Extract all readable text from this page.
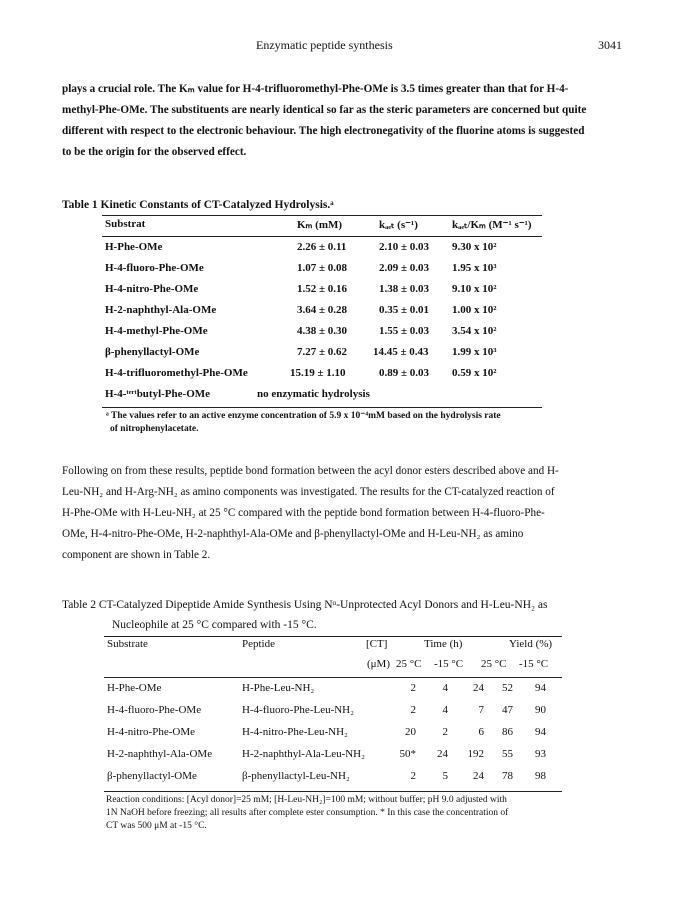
Enzymatic peptide synthesis	3041
plays a crucial role. The Kₘ value for H-4-trifluoromethyl-Phe-OMe is 3.5 times greater than that for H-4-
methyl-Phe-OMe. The substituents are nearly identical so far as the steric parameters are concerned but quite
different with respect to the electronic behaviour. The high electronegativity of the fluorine atoms is suggested
to be the origin for the observed effect.
Table 1 Kinetic Constants of CT-Catalyzed Hydrolysis.ᵃ
Substrat	Kₘ (mM)	kₐₑₜ (s⁻¹)	kₐₑₜ/Kₘ (M⁻¹ s⁻¹)
H-Phe-OMe	2.26 ± 0.11	2.10 ± 0.03 9.30 x 10²
H-4-fluoro-Phe-OMe	1.07 ± 0.08	2.09 ± 0.03 1.95 x 10³
H-4-nitro-Phe-OMe	1.52 ± 0.16	1.38 ± 0.03 9.10 x 10²
H-2-naphthyl-Ala-OMe	3.64 ± 0.28	0.35 ± 0.01 1.00 x 10²
H-4-methyl-Phe-OMe	4.38 ± 0.30	1.55 ± 0.03 3.54 x 10²
β-phenyllactyl-OMe	7.27 ± 0.62 14.45 ± 0.43 1.99 x 10³
H-4-trifluoromethyl-Phe-OMe	15.19 ± 1.10	0.89 ± 0.03 0.59 x 10²
H-4-ᵗᵉʳᵗbutyl-Phe-OMe	no enzymatic hydrolysis
ᵃ The values refer to an active enzyme concentration of 5.9 x 10⁻⁴mM based on the hydrolysis rate
of nitrophenylacetate.
Following on from these results, peptide bond formation between the acyl donor esters described above and H-
Leu-NH₂ and H-Arg-NH₂ as amino components was investigated. The results for the CT-catalyzed reaction of
H-Phe-OMe with H-Leu-NH₂ at 25 °C compared with the peptide bond formation between H-4-fluoro-Phe-
OMe, H-4-nitro-Phe-OMe, H-2-naphthyl-Ala-OMe and β-phenyllactyl-OMe and H-Leu-NH₂ as amino
component are shown in Table 2.
Table 2 CT-Catalyzed Dipeptide Amide Synthesis Using Nᵅ-Unprotected Acyl Donors and H-Leu-NH₂ as
Nucleophile at 25 °C compared with -15 °C.
Substrate	Peptide	[CT]	Time (h)	Yield (%)
(μM) 25 °C -15 °C 25 °C -15 °C
H-Phe-OMe	H-Phe-Leu-NH₂	2	4	24	52	94
H-4-fluoro-Phe-OMe	H-4-fluoro-Phe-Leu-NH₂	2	4	7	47	90
H-4-nitro-Phe-OMe	H-4-nitro-Phe-Leu-NH₂	20	2	6	86	94
H-2-naphthyl-Ala-OMe	H-2-naphthyl-Ala-Leu-NH₂	50*	24	192	55	93
β-phenyllactyl-OMe	β-phenyllactyl-Leu-NH₂	2	5	24	78	98
Reaction conditions: [Acyl donor]=25 mM; [H-Leu-NH₂]=100 mM; without buffer; pH 9.0 adjusted with
1N NaOH before freezing; all results after complete ester consumption. * In this case the concentration of
CT was 500 μM at -15 °C.
